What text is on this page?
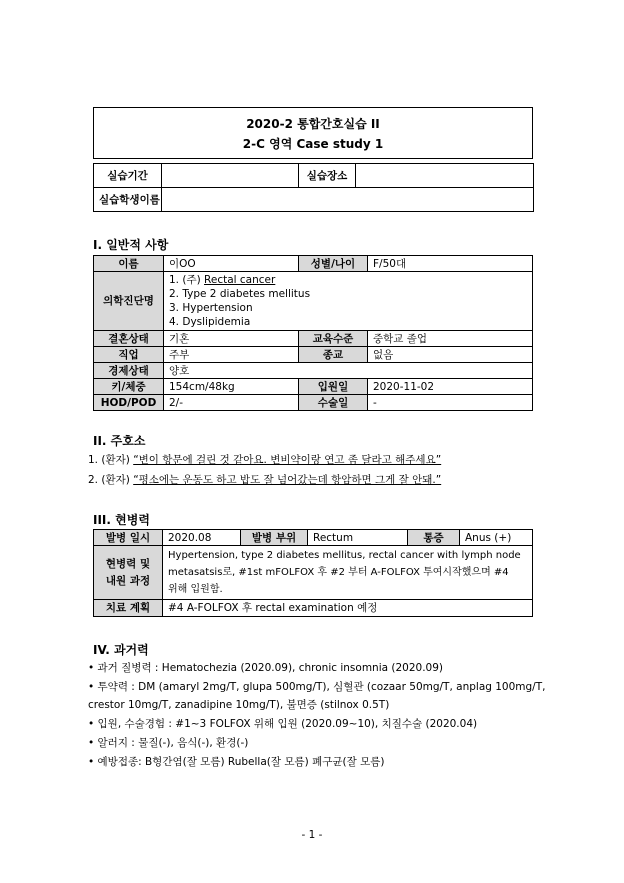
2020-2 통합간호실습 II
2-C 영역 Case study 1
실습기간		실습장소	
실습학생이름			
I. 일반적 사항
이름	이OO	성별/나이	F/50대
의학진단명	1. (주) Rectal cancer
2. Type 2 diabetes mellitus
3. Hypertension
4. Dyslipidemia		

결혼상태	기혼	교육수준	중학교 졸업
직업	주부	종교	없음
경제상태	양호		
키/체중	154cm/48kg	입원일	2020-11-02
HOD/POD	2/-	수술일	-
II. 주호소
1. (환자) “변이 항문에 걸린 것 같아요. 변비약이랑 연고 좀 달라고 해주세요”
2. (환자) “평소에는 운동도 하고 밥도 잘 넘어갔는데 항암하면 그게 잘 안돼.”
III. 현병력
발병 일시	2020.08	발병 부위	Rectum	통증	Anus (+)

현병력 및
내원 과정	Hypertension, type 2 diabetes mellitus, rectal cancer with lymph node
metasatsis로, #1st mFOLFOX 후 #2 부터 A-FOLFOX 투여시작했으며 #4
위해 입원함.				

치료 계획	#4 A-FOLFOX 후 rectal examination 예정				
IV. 과거력
• 과거 질병력 : Hematochezia (2020.09), chronic insomnia (2020.09)
• 투약력 : DM (amaryl 2mg/T, glupa 500mg/T), 심혈관 (cozaar 50mg/T, anplag 100mg/T,
crestor 10mg/T, zanadipine 10mg/T), 불면증 (stilnox 0.5T)
• 입원, 수술경험 : #1~3 FOLFOX 위해 입원 (2020.09~10), 치질수술 (2020.04)
• 알러지 : 물질(-), 음식(-), 환경(-)
• 예방접종: B형간염(잘 모름) Rubella(잘 모름) 폐구균(잘 모름)
- 1 -
